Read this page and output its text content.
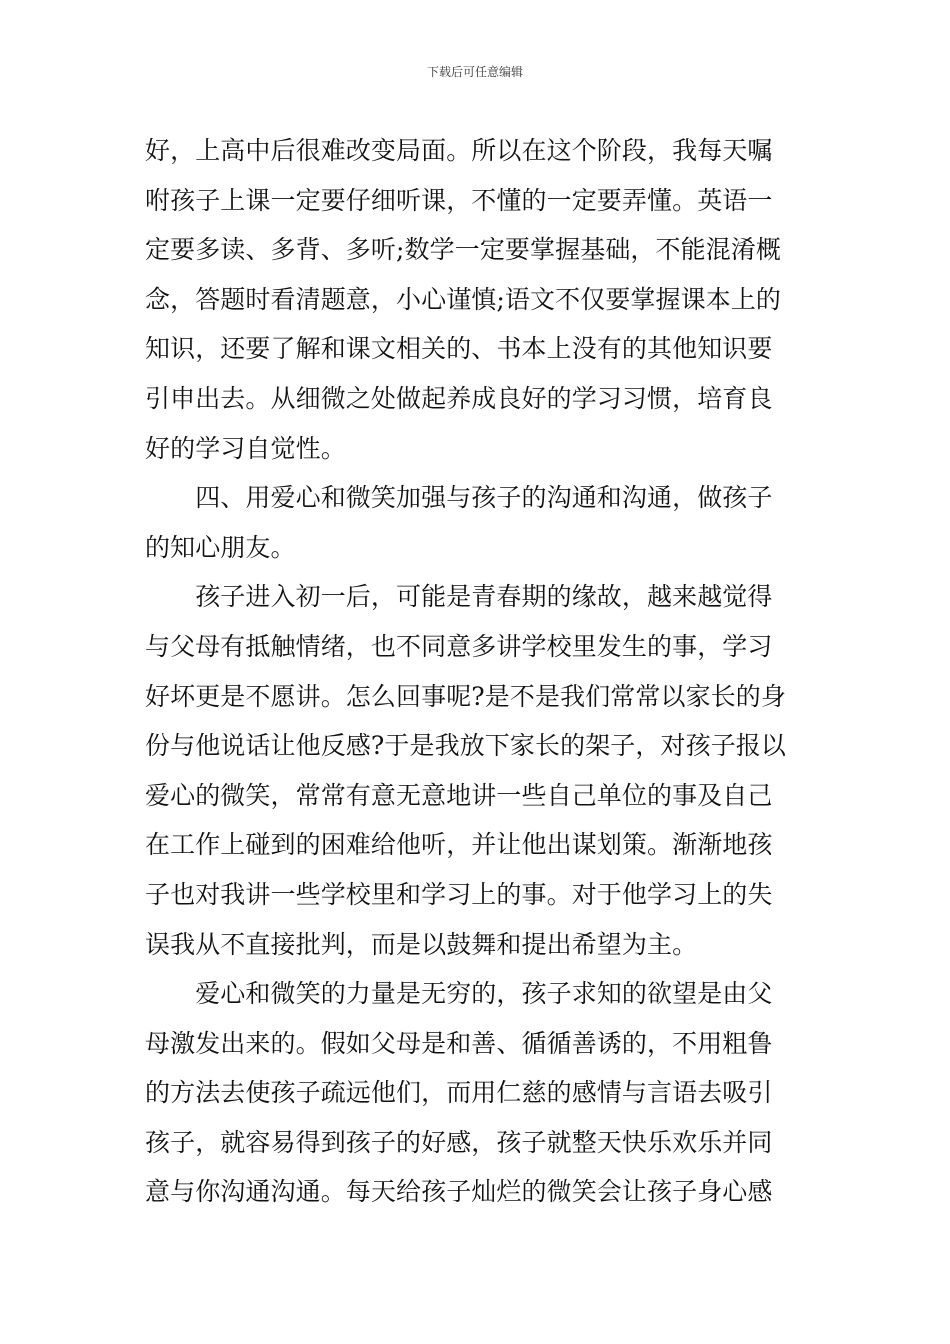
下载后可任意编辑
好，上高中后很难改变局面。所以在这个阶段，我每天嘱
咐孩子上课一定要仔细听课，不懂的一定要弄懂。英语一
定要多读、多背、多听;数学一定要掌握基础，不能混淆概
念，答题时看清题意，小心谨慎;语文不仅要掌握课本上的
知识，还要了解和课文相关的、书本上没有的其他知识要
引申出去。从细微之处做起养成良好的学习习惯，培育良
好的学习自觉性。
　　四、用爱心和微笑加强与孩子的沟通和沟通，做孩子
的知心朋友。
　　孩子进入初一后，可能是青春期的缘故，越来越觉得
与父母有抵触情绪，也不同意多讲学校里发生的事，学习
好坏更是不愿讲。怎么回事呢?是不是我们常常以家长的身
份与他说话让他反感?于是我放下家长的架子，对孩子报以
爱心的微笑，常常有意无意地讲一些自己单位的事及自己
在工作上碰到的困难给他听，并让他出谋划策。渐渐地孩
子也对我讲一些学校里和学习上的事。对于他学习上的失
误我从不直接批判，而是以鼓舞和提出希望为主。
　　爱心和微笑的力量是无穷的，孩子求知的欲望是由父
母激发出来的。假如父母是和善、循循善诱的，不用粗鲁
的方法去使孩子疏远他们，而用仁慈的感情与言语去吸引
孩子，就容易得到孩子的好感，孩子就整天快乐欢乐并同
意与你沟通沟通。每天给孩子灿烂的微笑会让孩子身心感
